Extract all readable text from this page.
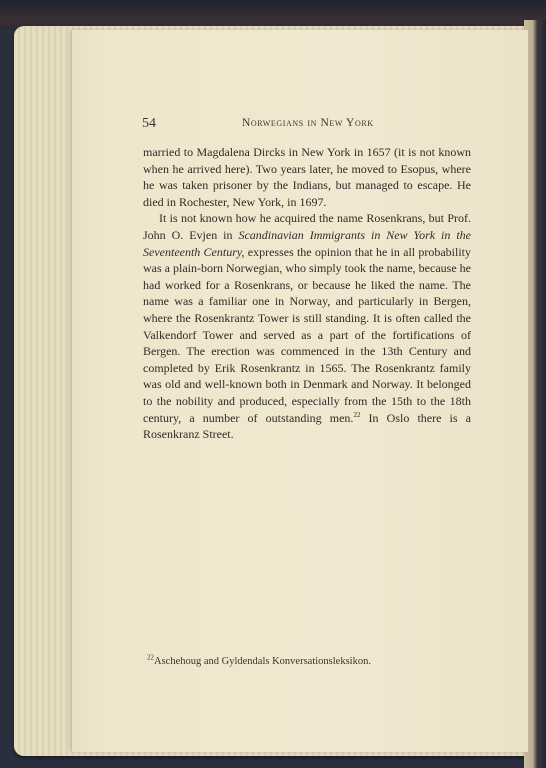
54	Norwegians in New York

married to Magdalena Dircks in New York in 1657 (it is not known when he arrived here). Two years later, he moved to Esopus, where he was taken prisoner by the Indians, but managed to escape. He died in Rochester, New York, in 1697.

It is not known how he acquired the name Rosenkrans, but Prof. John O. Evjen in Scandinavian Immigrants in New York in the Seventeenth Century, expresses the opinion that he in all probability was a plain-born Norwegian, who simply took the name, because he had worked for a Rosenkrans, or because he liked the name. The name was a familiar one in Norway, and particularly in Bergen, where the Rosenkrantz Tower is still standing. It is often called the Valkendorf Tower and served as a part of the fortifications of Bergen. The erection was commenced in the 13th Century and completed by Erik Rosenkrantz in 1565. The Rosenkrantz family was old and well-known both in Denmark and Norway. It belonged to the nobility and produced, especially from the 15th to the 18th century, a number of outstanding men.$^{22}$ In Oslo there is a Rosenkranz Street.

$^{22}$Aschehoug and Gyldendals Konversationsleksikon.
